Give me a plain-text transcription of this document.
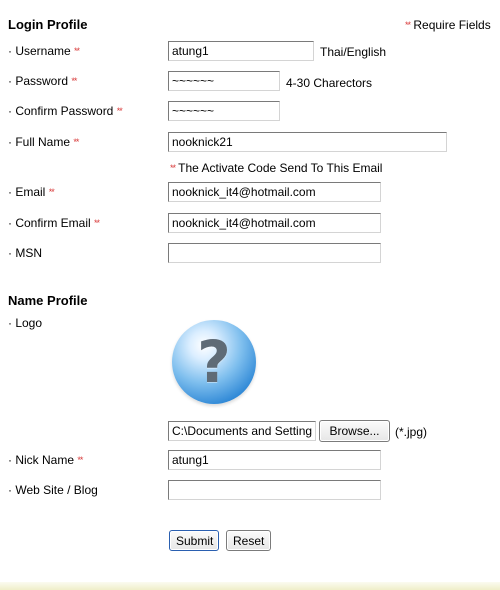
Login Profile	** Require Fields
· Username **
atung1	Thai/English
· Password **
~~~~~~	4-30 Charectors
· Confirm Password **
~~~~~~
· Full Name **
nooknick21
** The Activate Code Send To This Email
· Email **
nooknick_it4@hotmail.com
· Confirm Email **
nooknick_it4@hotmail.com
· MSN
Name Profile
· Logo
?
C:\Documents and Setting
Browse...	(*.jpg)
· Nick Name **
atung1
· Web Site / Blog
Submit	Reset
